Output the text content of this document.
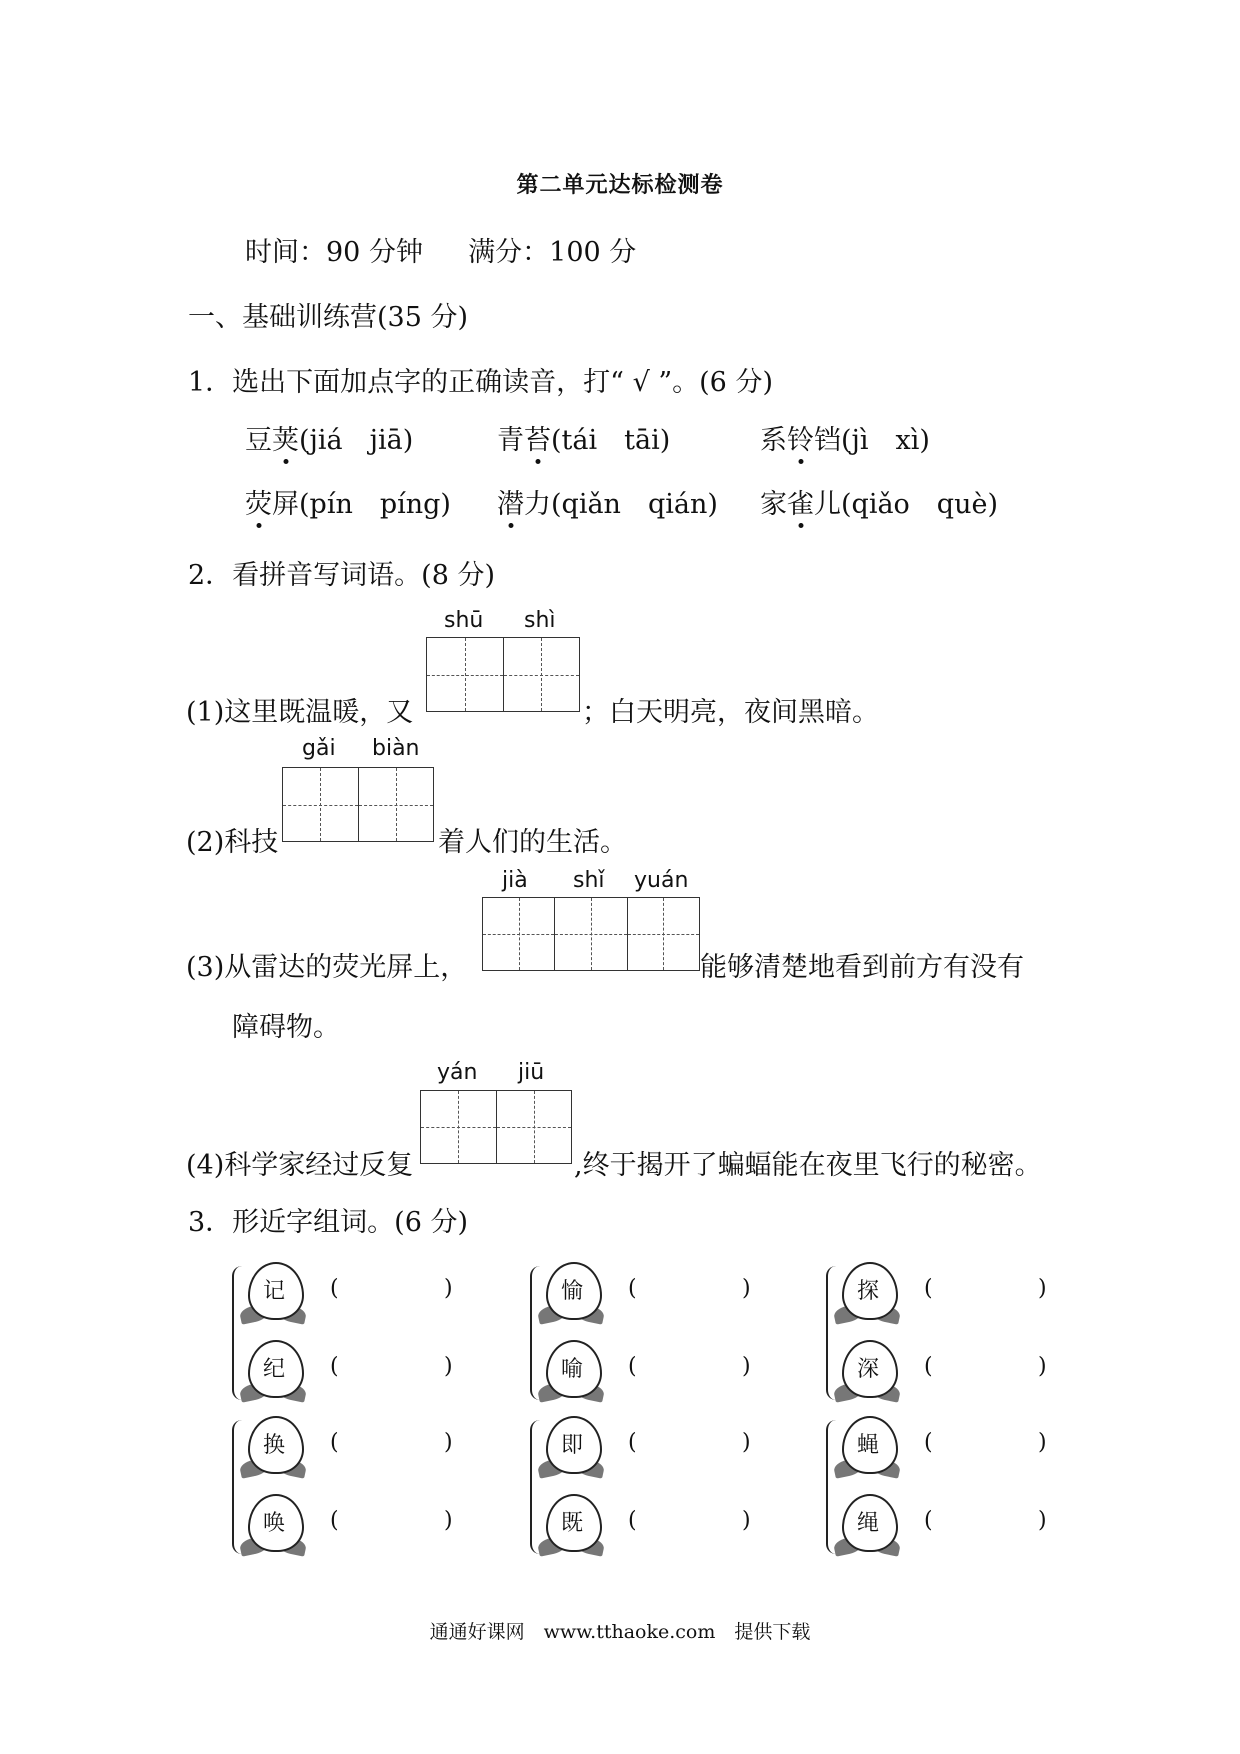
第二单元达标检测卷
时间：90 分钟 满分：100 分
一、基础训练营(35 分)
1．选出下面加点字的正确读音，打“ √ ”。(6 分)
豆荚(jiá　jiā)	青苔(tái　tāi)	系铃铛(jì　xì)
荧屏(pín　píng) 潜力(qiǎn　qián) 家雀儿(qiǎo　què)
2．看拼音写词语。(8 分)
shū shì
(1)这里既温暖，又	；白天明亮，夜间黑暗。
gǎi biàn
(2)科技	着人们的生活。
jià shǐ yuán
(3)从雷达的荧光屏上，	能够清楚地看到前方有没有
障碍物。
yán jiū
(4)科学家经过反复	,终于揭开了蝙蝠能在夜里飞行的秘密。
3．形近字组词。(6 分)
记	(	)
纪	(	)
愉	(	)
喻	(	)
探	(	)
深	(	)
换	(	)
唤	(	)
即	(	)
既	(	)
蝇	(	)
绳	(	)
通通好课网　www.tthaoke.com　提供下载
